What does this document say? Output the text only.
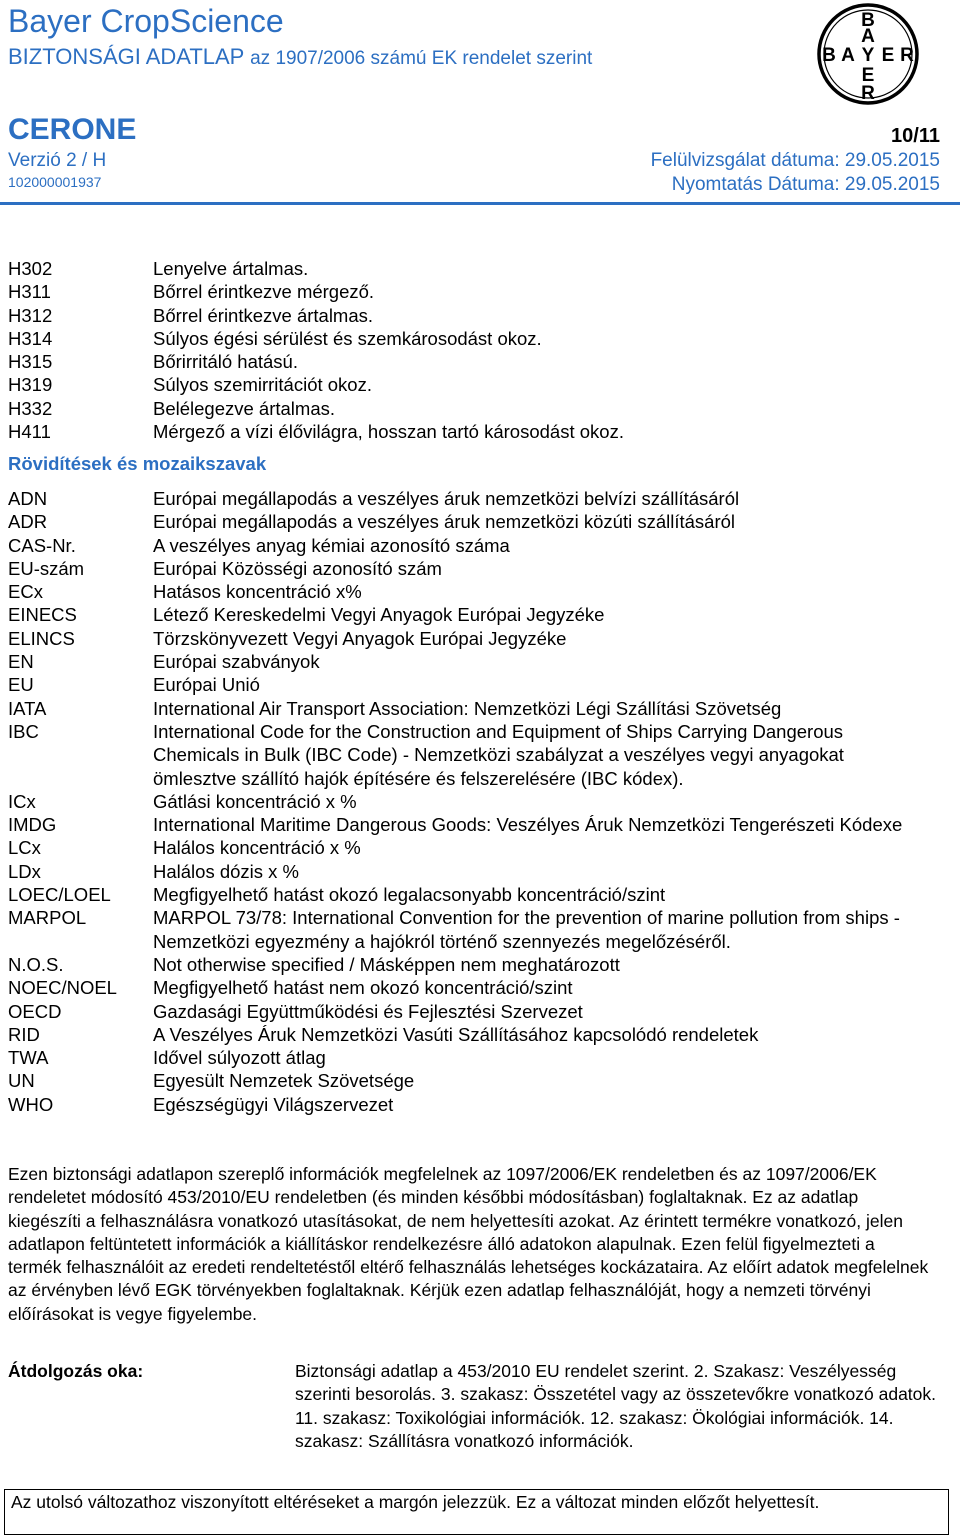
Bayer CropScience
BIZTONSÁGI ADATLAP az 1907/2006 számú EK rendelet szerint
B
A
B A Y E R
E
R
CERONE	10/11
Verzió 2 / H
102000001937
Felülvizsgálat dátuma: 29.05.2015
Nyomtatás Dátuma: 29.05.2015
H302	Lenyelve ártalmas.
H311	Bőrrel érintkezve mérgező.
H312	Bőrrel érintkezve ártalmas.
H314	Súlyos égési sérülést és szemkárosodást okoz.
H315	Bőrirritáló hatású.
H319	Súlyos szemirritációt okoz.
H332	Belélegezve ártalmas.
H411	Mérgező a vízi élővilágra, hosszan tartó károsodást okoz.
Rövidítések és mozaikszavak
ADN	Európai megállapodás a veszélyes áruk nemzetközi belvízi szállításáról
ADR	Európai megállapodás a veszélyes áruk nemzetközi közúti szállításáról
CAS-Nr.	A veszélyes anyag kémiai azonosító száma
EU-szám	Európai Közösségi azonosító szám
ECx	Hatásos koncentráció x%
EINECS	Létező Kereskedelmi Vegyi Anyagok Európai Jegyzéke
ELINCS	Törzskönyvezett Vegyi Anyagok Európai Jegyzéke
EN	Európai szabványok
EU	Európai Unió
IATA	International Air Transport Association: Nemzetközi Légi Szállítási Szövetség
IBC	International Code for the Construction and Equipment of Ships Carrying Dangerous Chemicals in Bulk (IBC Code) - Nemzetközi szabályzat a veszélyes vegyi anyagokat ömlesztve szállító hajók építésére és felszerelésére (IBC kódex).
ICx	Gátlási koncentráció x %
IMDG	International Maritime Dangerous Goods: Veszélyes Áruk Nemzetközi Tengerészeti Kódexe
LCx	Halálos koncentráció x %
LDx	Halálos dózis x %
LOEC/LOEL	Megfigyelhető hatást okozó legalacsonyabb koncentráció/szint
MARPOL	MARPOL 73/78: International Convention for the prevention of marine pollution from ships - Nemzetközi egyezmény a hajókról történő szennyezés megelőzéséről.
N.O.S.	Not otherwise specified / Másképpen nem meghatározott
NOEC/NOEL	Megfigyelhető hatást nem okozó koncentráció/szint
OECD	Gazdasági Együttműködési és Fejlesztési Szervezet
RID	A Veszélyes Áruk Nemzetközi Vasúti Szállításához kapcsolódó rendeletek
TWA	Idővel súlyozott átlag
UN	Egyesült Nemzetek Szövetsége
WHO	Egészségügyi Világszervezet
Ezen biztonsági adatlapon szereplő információk megfelelnek az 1097/2006/EK rendeletben és az 1097/2006/EK rendeletet módosító 453/2010/EU rendeletben (és minden későbbi módosításban) foglaltaknak. Ez az adatlap kiegészíti a felhasználásra vonatkozó utasításokat, de nem helyettesíti azokat. Az érintett termékre vonatkozó, jelen adatlapon feltüntetett információk a kiállításkor rendelkezésre álló adatokon alapulnak. Ezen felül figyelmezteti a termék felhasználóit az eredeti rendeltetéstől eltérő felhasználás lehetséges kockázataira. Az előírt adatok megfelelnek az érvényben lévő EGK törvényekben foglaltaknak. Kérjük ezen adatlap felhasználóját, hogy a nemzeti törvényi előírásokat is vegye figyelembe.
Átdolgozás oka:	Biztonsági adatlap a 453/2010 EU rendelet szerint. 2. Szakasz: Veszélyesség szerinti besorolás. 3. szakasz: Összetétel vagy az összetevőkre vonatkozó adatok. 11. szakasz: Toxikológiai információk. 12. szakasz: Ökológiai információk. 14. szakasz: Szállításra vonatkozó információk.
Az utolsó változathoz viszonyított eltéréseket a margón jelezzük. Ez a változat minden előzőt helyettesít.
